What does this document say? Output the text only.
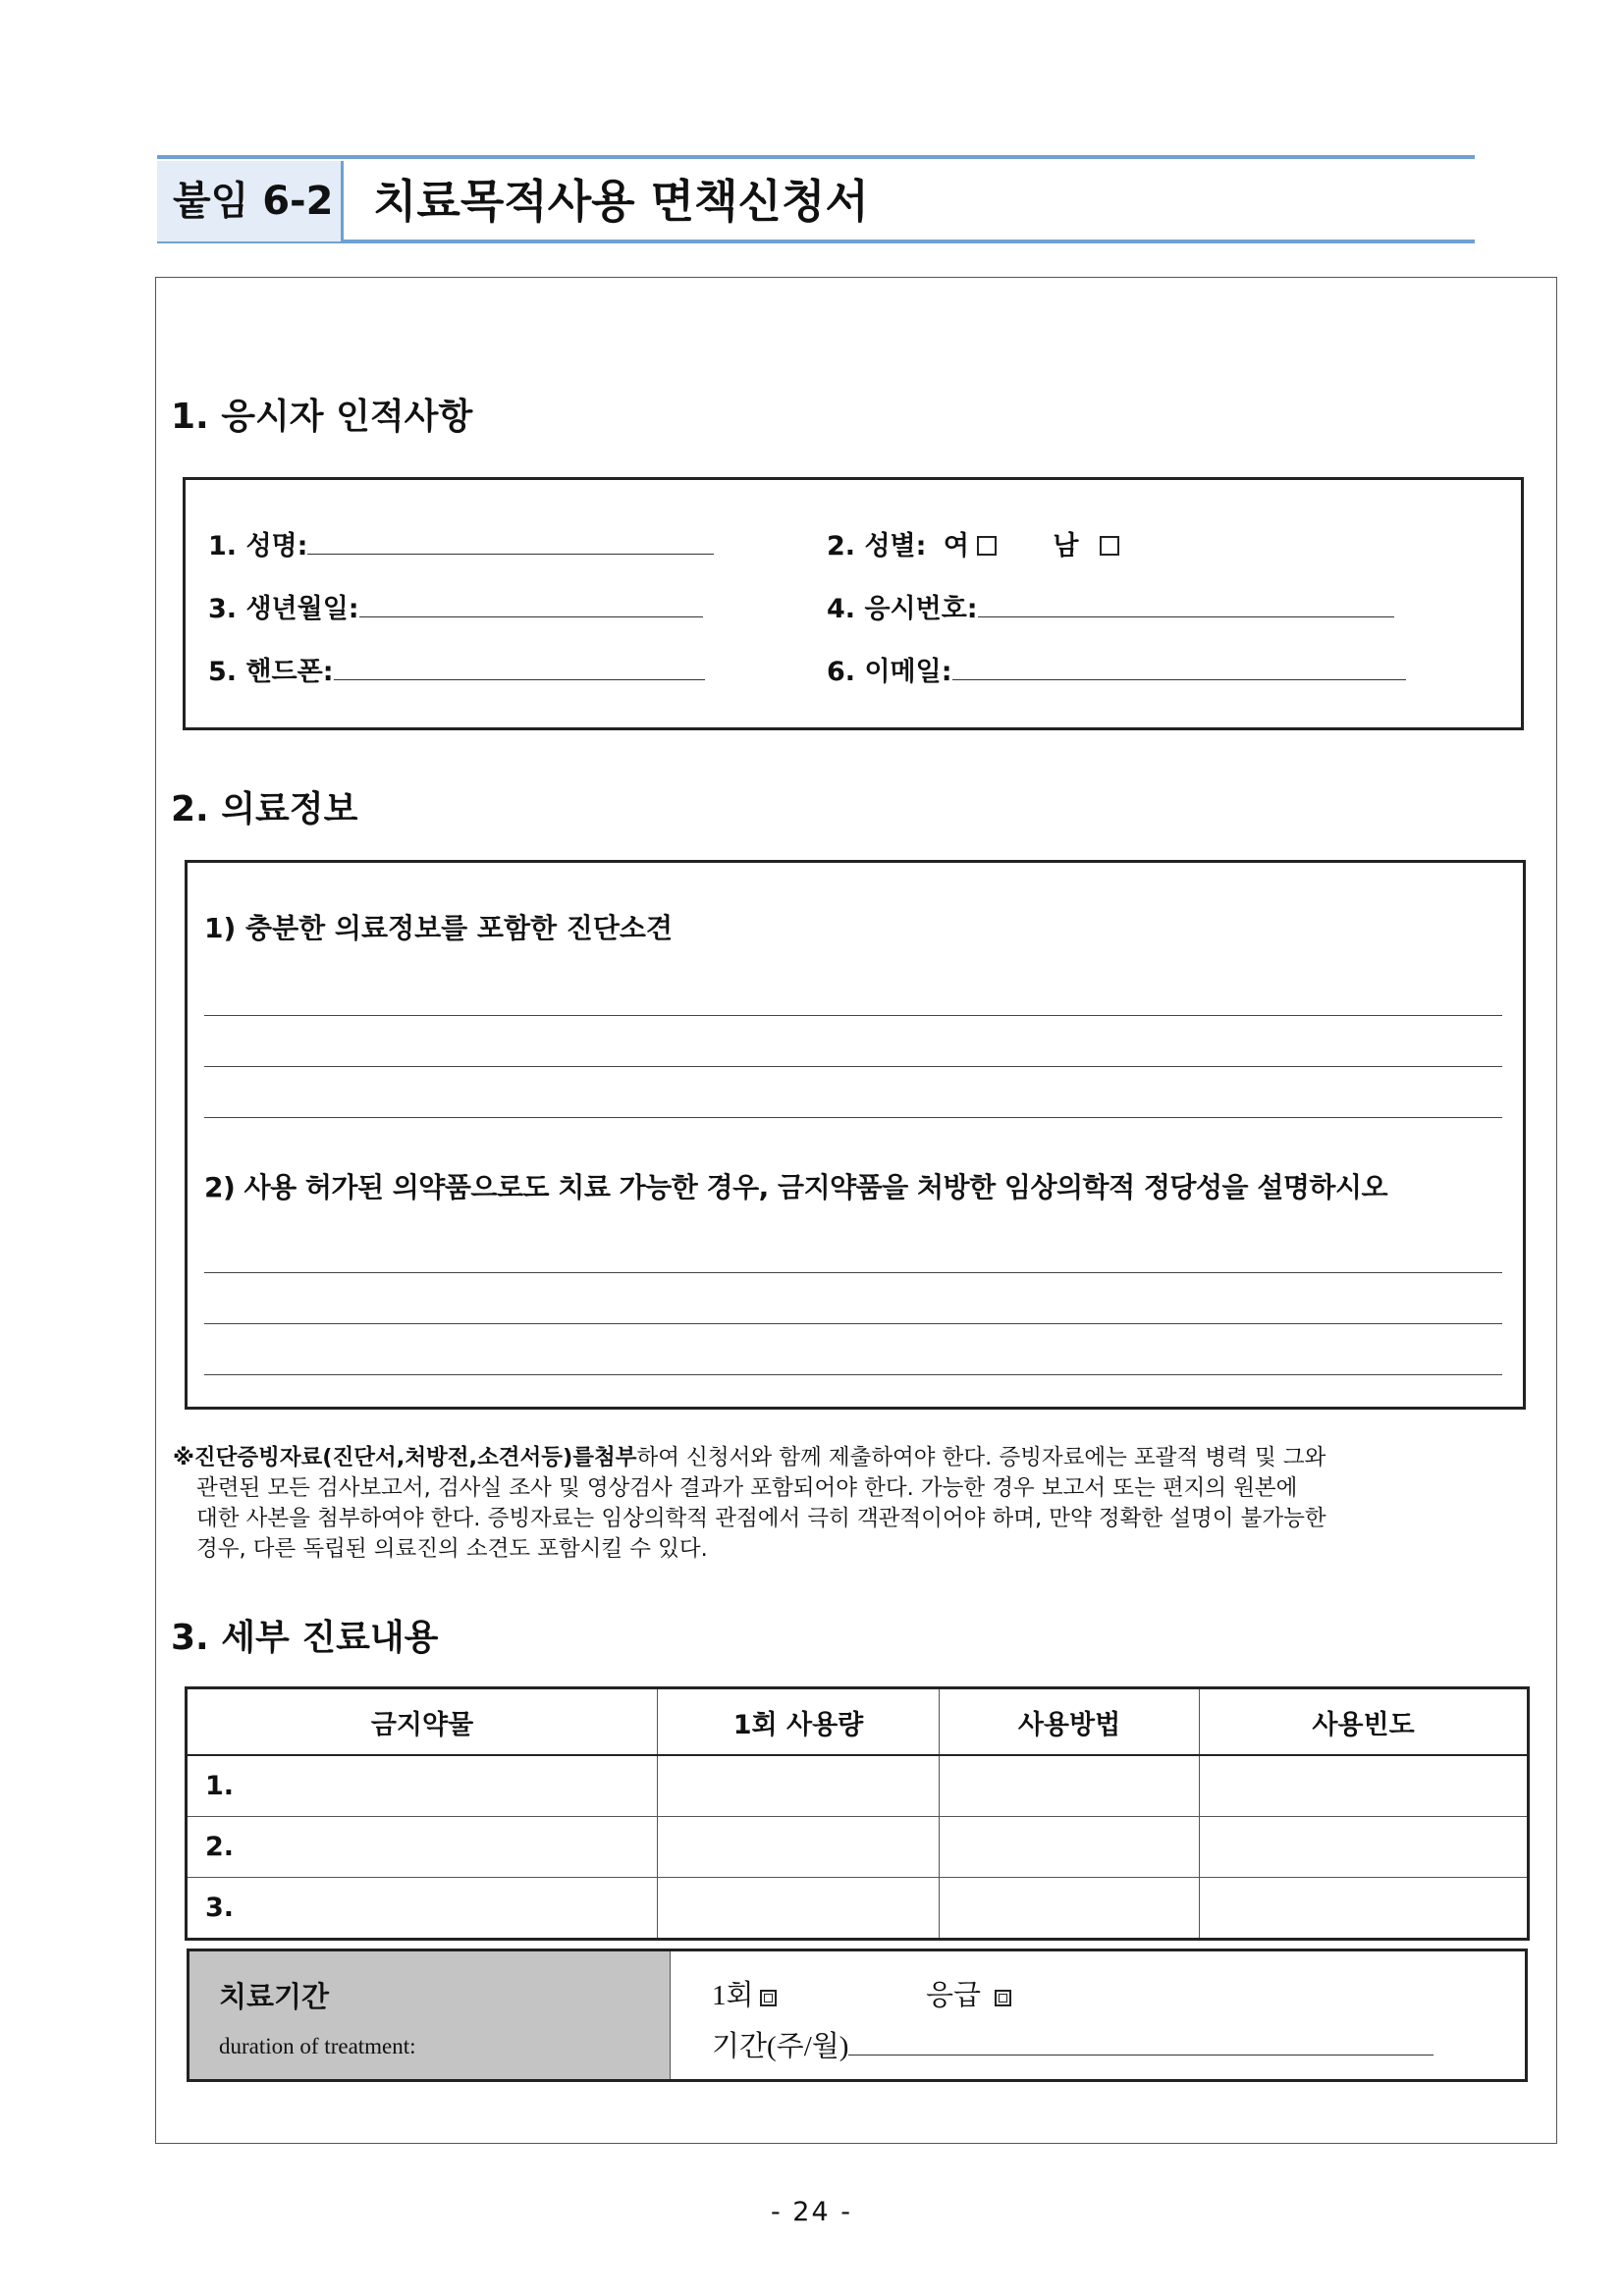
붙임 6-2 치료목적사용 면책신청서
1. 응시자 인적사항
1. 성명:	2. 성별: 여	남
3. 생년월일:	4. 응시번호:
5. 핸드폰:	6. 이메일:
2. 의료정보
1) 충분한 의료정보를 포함한 진단소견
2) 사용 허가된 의약품으로도 치료 가능한 경우, 금지약품을 처방한 임상의학적 정당성을 설명하시오
※진단증빙자료(진단서,처방전,소견서등)를첨부하여 신청서와 함께 제출하여야 한다. 증빙자료에는 포괄적 병력 및 그와
관련된 모든 검사보고서, 검사실 조사 및 영상검사 결과가 포함되어야 한다. 가능한 경우 보고서 또는 편지의 원본에
대한 사본을 첨부하여야 한다. 증빙자료는 임상의학적 관점에서 극히 객관적이어야 하며, 만약 정확한 설명이 불가능한
경우, 다른 독립된 의료진의 소견도 포함시킬 수 있다.
3. 세부 진료내용
금지약물	1회 사용량	사용방법	사용빈도
1.			
2.			
3.			
치료기간
duration of treatment:
1회	응급
기간(주/월)
- 24 -
